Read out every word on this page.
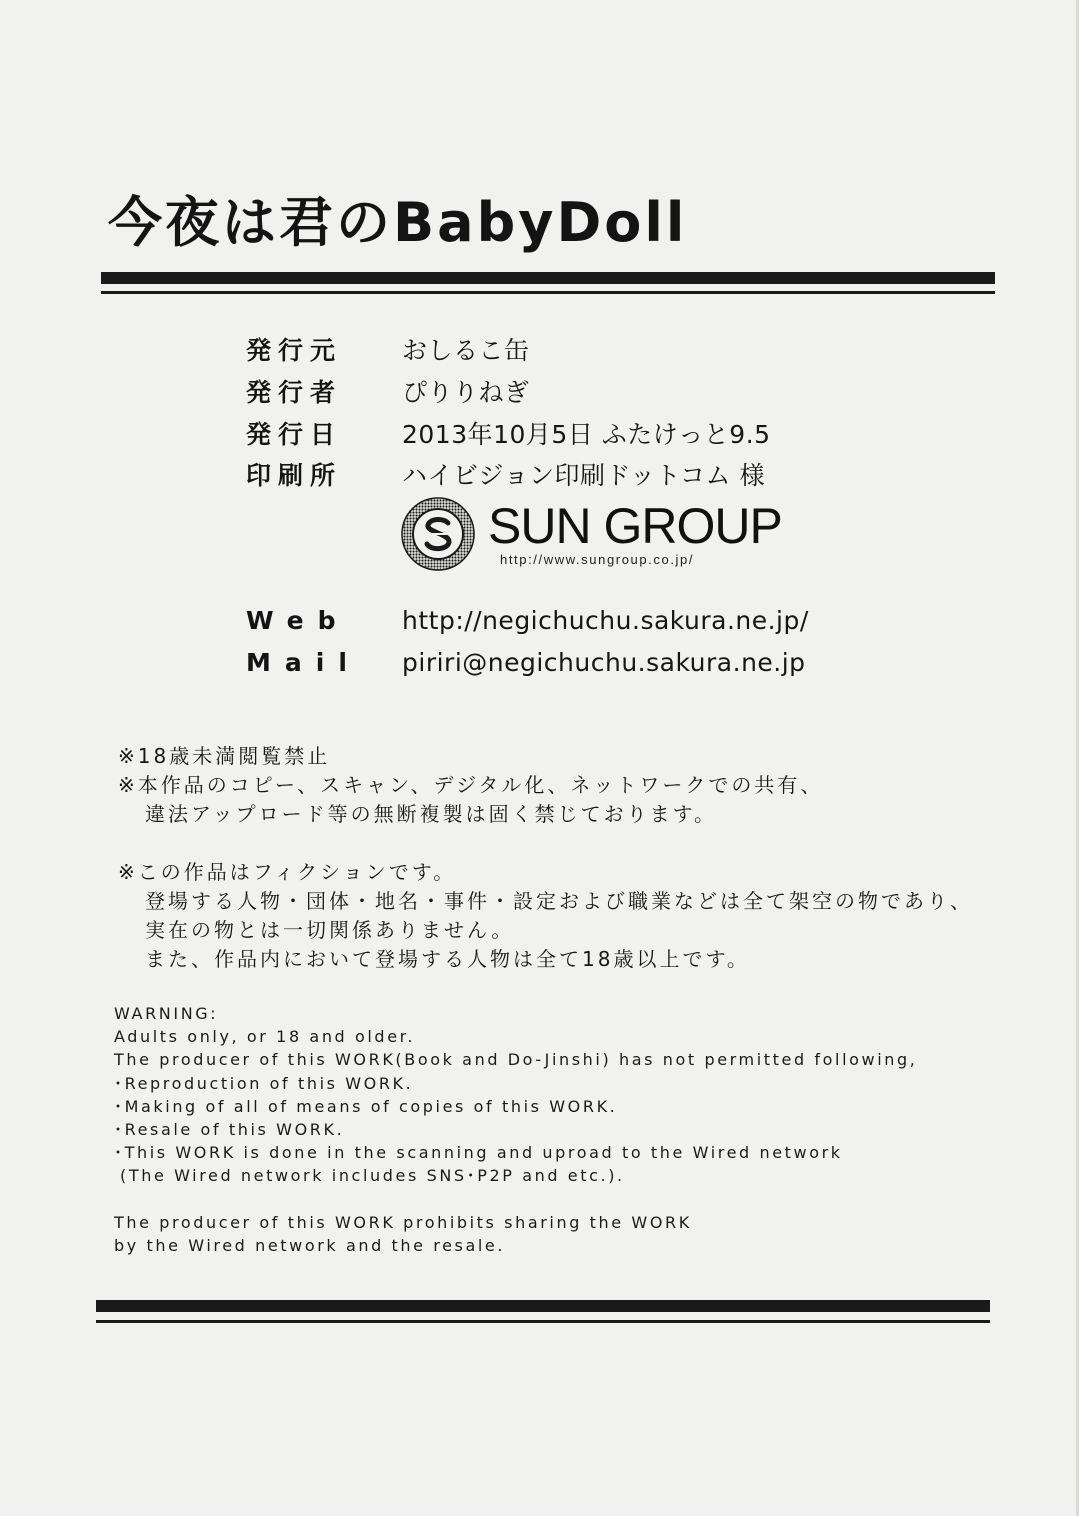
今夜は君のBabyDoll
発行元 おしるこ缶
発行者 ぴりりねぎ
発行日 2013年10月5日 ふたけっと9.5
印刷所 ハイビジョン印刷ドットコム 様
SUN GROUP
http://www.sungroup.co.jp/
Web http://negichuchu.sakura.ne.jp/
Mail piriri@negichuchu.sakura.ne.jp
※18歳未満閲覧禁止
※本作品のコピー、スキャン、デジタル化、ネットワークでの共有、
違法アップロード等の無断複製は固く禁じております。
※この作品はフィクションです。
登場する人物・団体・地名・事件・設定および職業などは全て架空の物であり、
実在の物とは一切関係ありません。
また、作品内において登場する人物は全て18歳以上です。
WARNING:
Adults only, or 18 and older.
The producer of this WORK(Book and Do-Jinshi) has not permitted following,
･Reproduction of this WORK.
･Making of all of means of copies of this WORK.
･Resale of this WORK.
･This WORK is done in the scanning and uproad to the Wired network
(The Wired network includes SNS･P2P and etc.).
The producer of this WORK prohibits sharing the WORK
by the Wired network and the resale.
